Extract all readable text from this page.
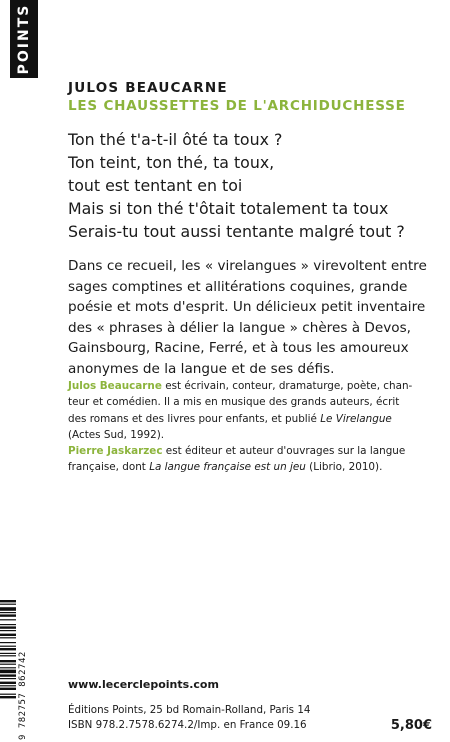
POINTS
JULOS BEAUCARNE
LES CHAUSSETTES DE L'ARCHIDUCHESSE
Ton thé t'a-t-il ôté ta toux ?
Ton teint, ton thé, ta toux,
tout est tentant en toi
Mais si ton thé t'ôtait totalement ta toux
Serais-tu tout aussi tentante malgré tout ?
Dans ce recueil, les « virelangues » virevoltent entre
sages comptines et allitérations coquines, grande
poésie et mots d'esprit. Un délicieux petit inventaire
des « phrases à délier la langue » chères à Devos,
Gainsbourg, Racine, Ferré, et à tous les amoureux
anonymes de la langue et de ses défis.
Julos Beaucarne est écrivain, conteur, dramaturge, poète, chan-
teur et comédien. Il a mis en musique des grands auteurs, écrit
des romans et des livres pour enfants, et publié Le Virelangue
(Actes Sud, 1992).
Pierre Jaskarzec est éditeur et auteur d'ouvrages sur la langue
française, dont La langue française est un jeu (Librio, 2010).
9 782757 862742	www.lecerclepoints.com
Éditions Points, 25 bd Romain-Rolland, Paris 14
ISBN 978.2.7578.6274.2/Imp. en France 09.16	5,80€
